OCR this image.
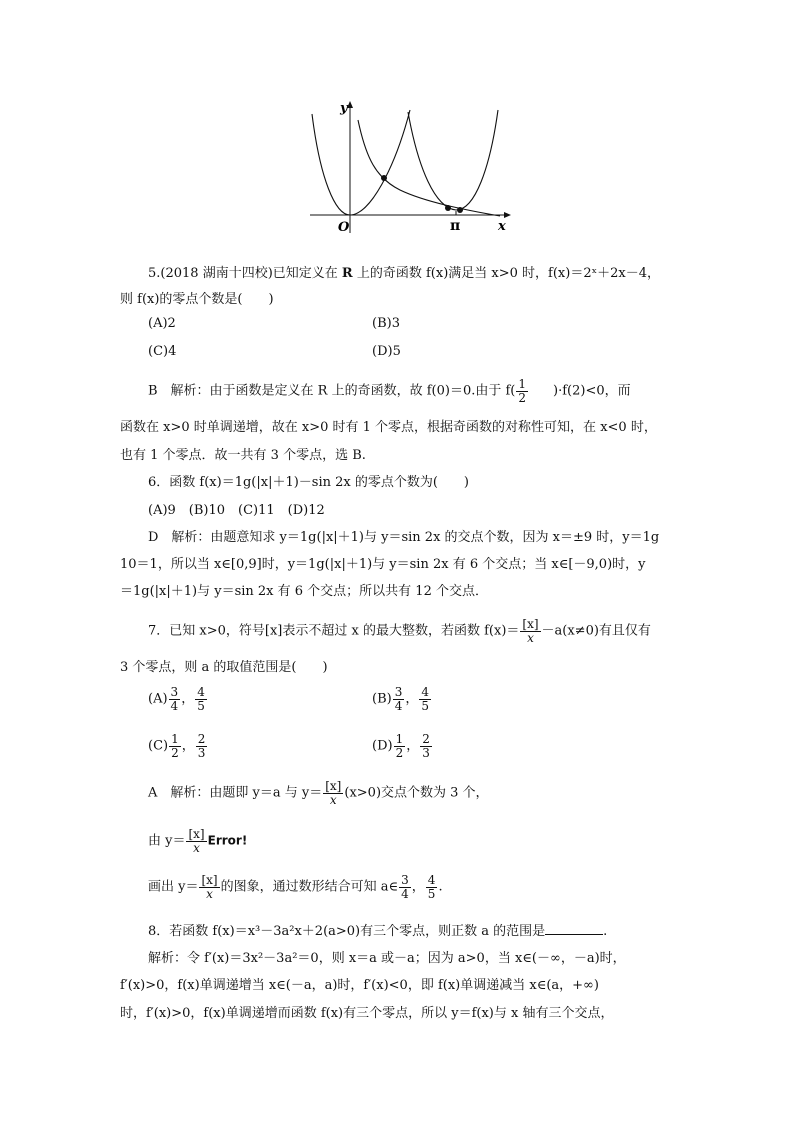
y
x
O	π
5.(2018 湖南十四校)已知定义在 R 上的奇函数 f(x)满足当 x>0 时，f(x)＝2ˣ＋2x－4，
则 f(x)的零点个数是(　　)
(A)2	(B)3
(C)4	(D)5
B　解析：由于函数是定义在 R 上的奇函数，故 f(0)＝0.由于 $f( \frac{1}{2} )\cdot f(2)<0$，而
函数在 x>0 时单调递增，故在 x>0 时有 1 个零点，根据奇函数的对称性可知，在 x<0 时，
也有 1 个零点．故一共有 3 个零点，选 B.
6．函数 f(x)＝1g(|x|＋1)－sin 2x 的零点个数为(　　)
(A)9　(B)10　(C)11　(D)12
D　解析：由题意知求 y＝1g(|x|＋1)与 y＝sin 2x 的交点个数，因为 x＝±9 时，y＝1g
10＝1，所以当 x∈[0,9]时，y＝1g(|x|＋1)与 y＝sin 2x 有 6 个交点；当 x∈[－9,0)时，y
＝1g(|x|＋1)与 y＝sin 2x 有 6 个交点；所以共有 12 个交点．
7．已知 x>0，符号[x]表示不超过 x 的最大整数，若函数 $f(x)= \frac{[x]}{x} -a(x\ne 0)$有且仅有
3 个零点，则 a 的取值范围是(　　)
$(A) \frac{3}{4}$ ， $\frac{4}{5}$	$(B) \frac{3}{4}$ ， $\frac{4}{5}$
$(C) \frac{1}{2}$ ， $\frac{2}{3}$	$(D) \frac{1}{2}$ ， $\frac{2}{3}$
A　解析：由题即 y＝a 与 $y= \frac{[x]}{x} (x>0)$交点个数为 3 个，
由 $y= \frac{[x]}{x}$ Error!
画出 $y= \frac{[x]}{x}$ 的图象，通过数形结合可知 a∈ $\frac{3}{4}$ ， $\frac{4}{5}$ .
8．若函数 f(x)＝x³－3a²x＋2(a>0)有三个零点，则正数 a 的范围是	.
解析：令 f′(x)＝3x²－3a²＝0，则 x＝a 或－a；因为 a>0，当 x∈(－∞，－a)时，
f′(x)>0，f(x)单调递增当 x∈(－a，a)时，f′(x)<0，即 f(x)单调递减当 x∈(a，+∞)
时，f′(x)>0，f(x)单调递增而函数 f(x)有三个零点，所以 y＝f(x)与 x 轴有三个交点，
